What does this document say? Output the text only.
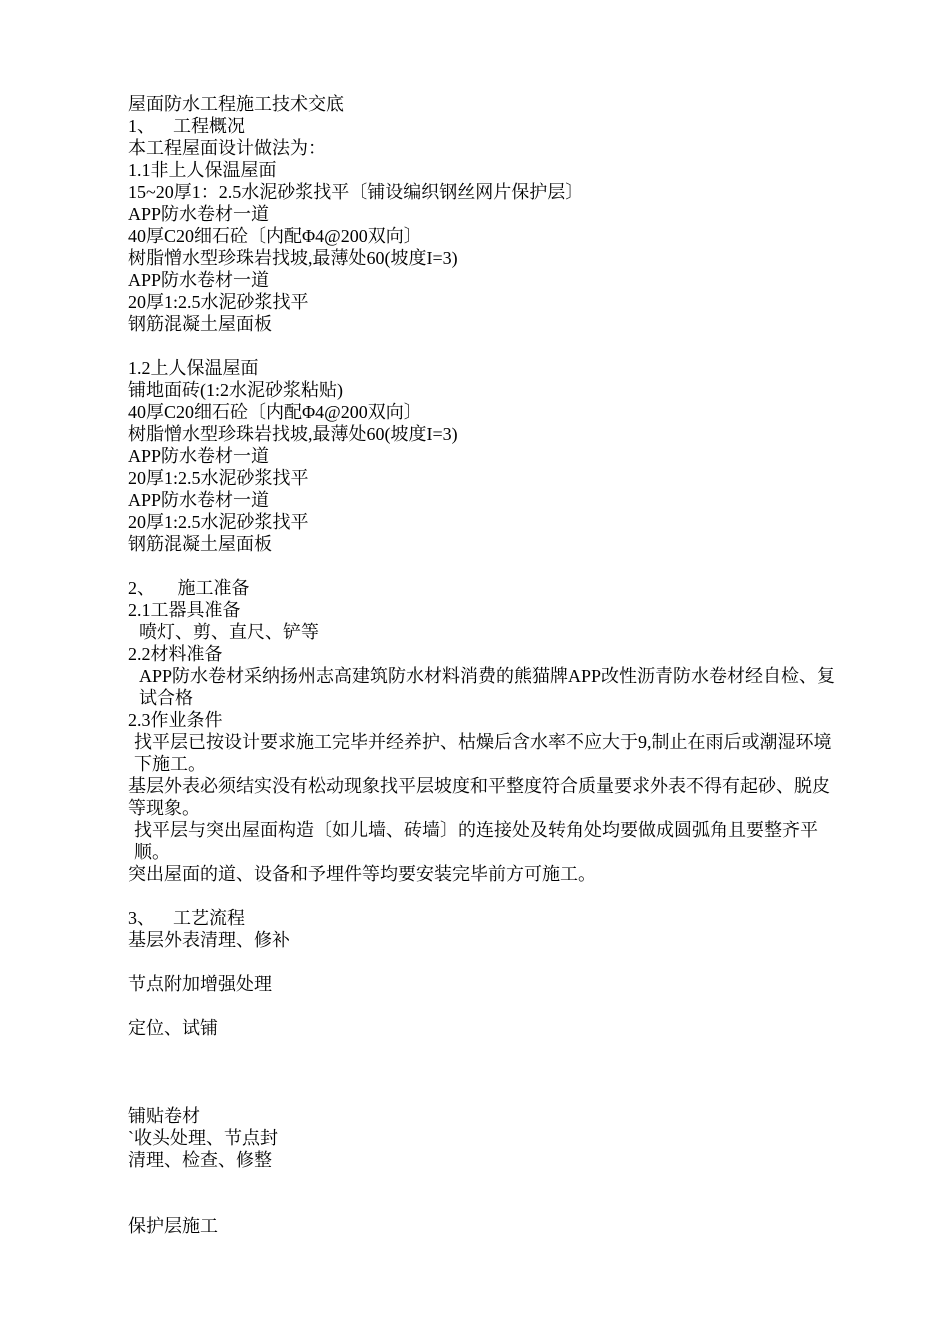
屋面防水工程施工技术交底
1、    工程概况
本工程屋面设计做法为：
1.1非上人保温屋面
15~20厚1：2.5水泥砂浆找平〔铺设编织钢丝网片保护层〕
APP防水卷材一道
40厚C20细石砼〔内配Φ4@200双向〕
树脂憎水型珍珠岩找坡,最薄处60(坡度I=3)
APP防水卷材一道
20厚1:2.5水泥砂浆找平
钢筋混凝土屋面板
1.2上人保温屋面
铺地面砖(1:2水泥砂浆粘贴)
40厚C20细石砼〔内配Φ4@200双向〕
树脂憎水型珍珠岩找坡,最薄处60(坡度I=3)
APP防水卷材一道
20厚1:2.5水泥砂浆找平
APP防水卷材一道
20厚1:2.5水泥砂浆找平
钢筋混凝土屋面板
2、     施工准备
2.1工器具准备
喷灯、剪、直尺、铲等
2.2材料准备
APP防水卷材采纳扬州志高建筑防水材料消费的熊猫牌APP改性沥青防水卷材经自检、复试合格
2.3作业条件
找平层已按设计要求施工完毕并经养护、枯燥后含水率不应大于9,制止在雨后或潮湿环境下施工。
基层外表必须结实没有松动现象找平层坡度和平整度符合质量要求外表不得有起砂、脱皮等现象。
找平层与突出屋面构造〔如儿墙、砖墙〕的连接处及转角处均要做成圆弧角且要整齐平顺。
突出屋面的道、设备和予埋件等均要安装完毕前方可施工。
3、    工艺流程
基层外表清理、修补
节点附加增强处理
定位、试铺
铺贴卷材
`收头处理、节点封
清理、检查、修整
保护层施工
